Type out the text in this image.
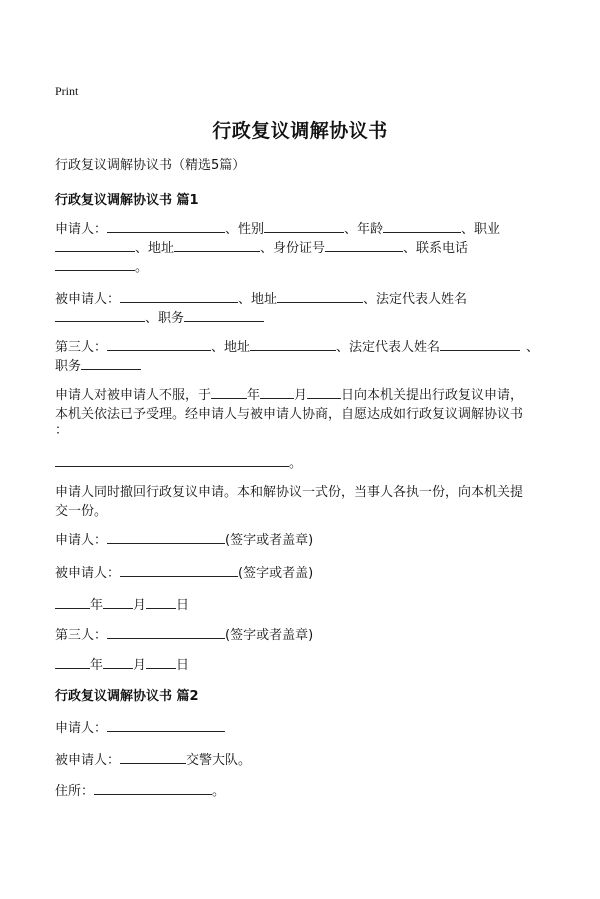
Print
行政复议调解协议书
行政复议调解协议书（精选5篇）
行政复议调解协议书 篇1
申请人：	、性别	、年龄	、职业
、地址	、身份证号	、联系电话
。
被申请人：	、地址	、法定代表人姓名
、职务
第三人：	、地址	、法定代表人姓名	、
职务
申请人对被申请人不服，于	年	月	日向本机关提出行政复议申请，
本机关依法已予受理。经申请人与被申请人协商，自愿达成如行政复议调解协议书
：
。
申请人同时撤回行政复议申请。本和解协议一式份，当事人各执一份，向本机关提
交一份。
申请人：	(签字或者盖章)
被申请人：	(签字或者盖)
年 月 日
第三人：	(签字或者盖章)
年 月 日
行政复议调解协议书 篇2
申请人：
被申请人：	交警大队。
住所：	。
